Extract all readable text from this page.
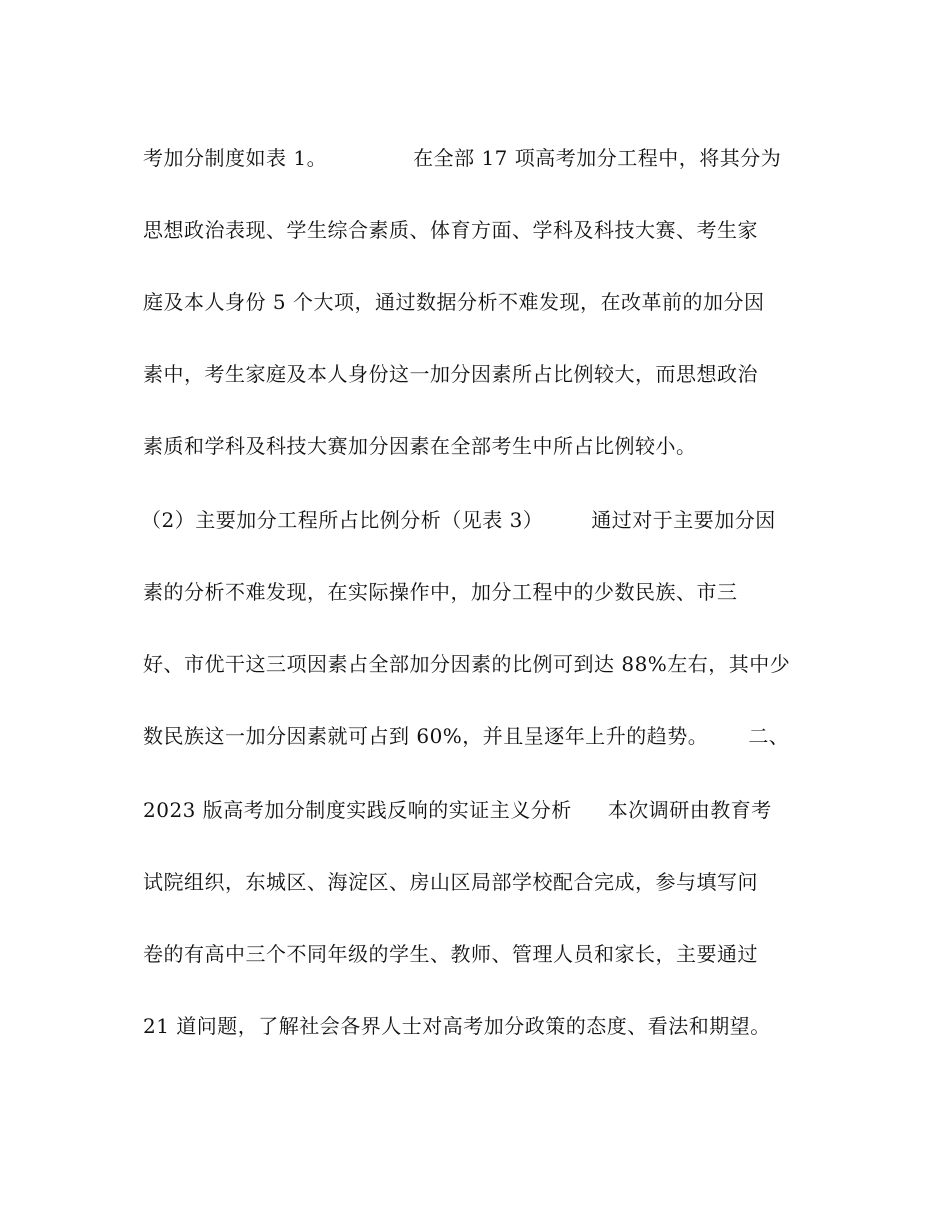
考加分制度如表 1。	在全部 17 项高考加分工程中，将其分为

思想政治表现、学生综合素质、体育方面、学科及科技大赛、考生家

庭及本人身份 5 个大项，通过数据分析不难发现，在改革前的加分因

素中，考生家庭及本人身份这一加分因素所占比例较大，而思想政治

素质和学科及科技大赛加分因素在全部考生中所占比例较小。

（2）主要加分工程所占比例分析（见表 3） 通过对于主要加分因

素的分析不难发现，在实际操作中，加分工程中的少数民族、市三

好、市优干这三项因素占全部加分因素的比例可到达 88%左右，其中少

数民族这一加分因素就可占到 60%，并且呈逐年上升的趋势。 二、

2023 版高考加分制度实践反响的实证主义分析 本次调研由教育考

试院组织，东城区、海淀区、房山区局部学校配合完成，参与填写问

卷的有高中三个不同年级的学生、教师、管理人员和家长，主要通过

21 道问题，了解社会各界人士对高考加分政策的态度、看法和期望。
